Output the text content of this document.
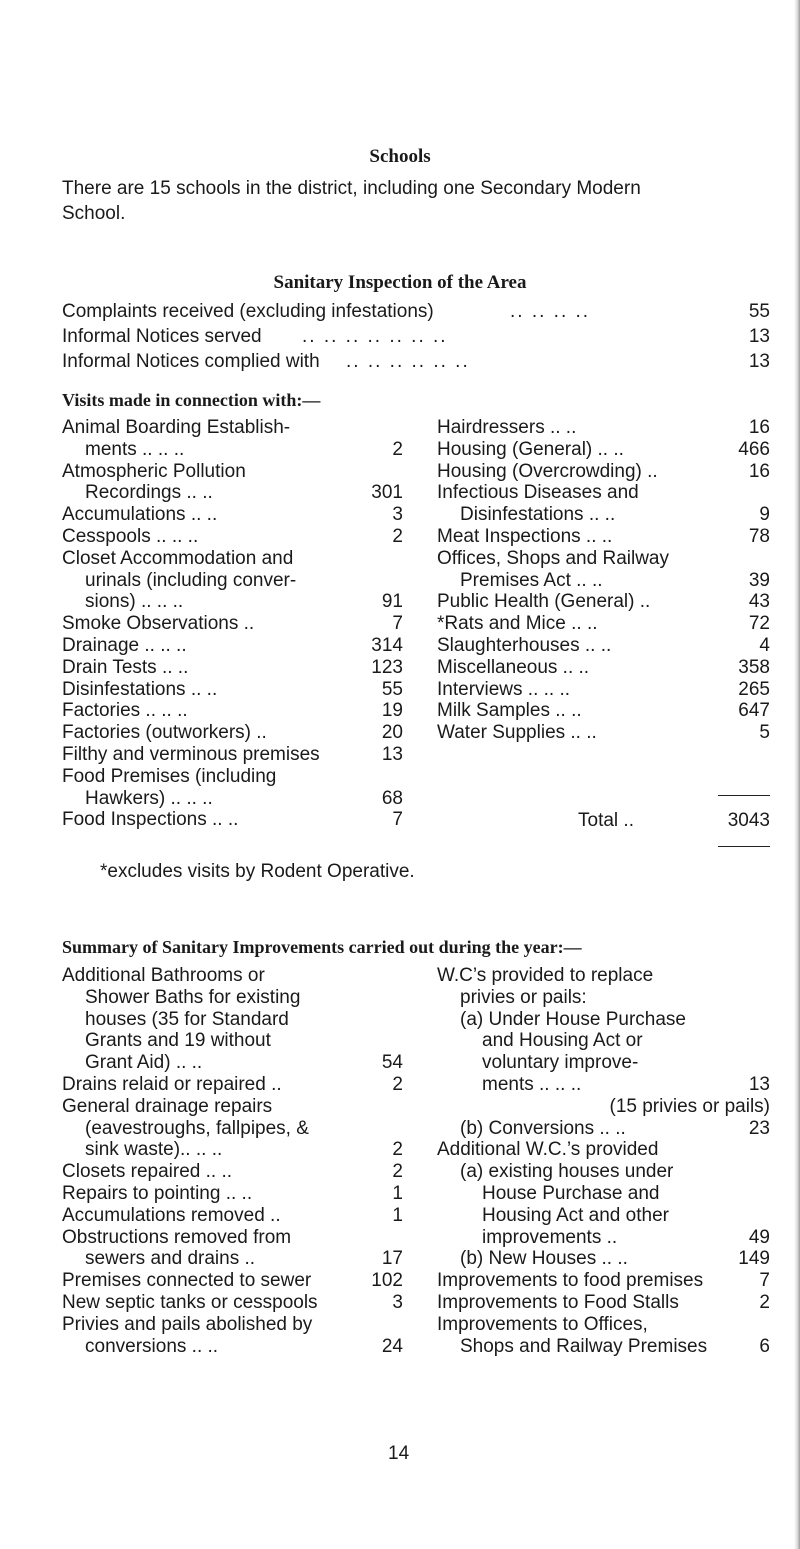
Schools
There are 15 schools in the district, including one Secondary Modern
School.
Sanitary Inspection of the Area
Complaints received (excluding infestations)	.. .. .. ..	55
Informal Notices served .. .. .. .. .. .. ..	13
Informal Notices complied with .. .. .. .. .. ..	13
Visits made in connection with:—
Animal Boarding Establish-
ments .. .. ..	2
Atmospheric Pollution
Recordings .. ..	301
Accumulations .. ..	3
Cesspools .. .. ..	2
Closet Accommodation and
urinals (including conver-
sions) .. .. ..	91
Smoke Observations ..	7
Drainage .. .. ..	314
Drain Tests .. ..	123
Disinfestations .. ..	55
Factories .. .. ..	19
Factories (outworkers) ..	20
Filthy and verminous premises	13
Food Premises (including
Hawkers) .. .. ..	68
Food Inspections .. ..	7
Hairdressers .. ..	16
Housing (General) .. ..	466
Housing (Overcrowding) ..	16
Infectious Diseases and
Disinfestations .. ..	9
Meat Inspections .. ..	78
Offices, Shops and Railway
Premises Act .. ..	39
Public Health (General) ..	43
*Rats and Mice .. ..	72
Slaughterhouses .. ..	4
Miscellaneous .. ..	358
Interviews .. .. ..	265
Milk Samples .. ..	647
Water Supplies .. ..	5
Total ..	3043
*excludes visits by Rodent Operative.
Summary of Sanitary Improvements carried out during the year:—
Additional Bathrooms or
Shower Baths for existing
houses (35 for Standard
Grants and 19 without
Grant Aid) .. ..	54
Drains relaid or repaired ..	2
General drainage repairs
(eavestroughs, fallpipes, &
sink waste).. .. ..	2
Closets repaired .. ..	2
Repairs to pointing .. ..	1
Accumulations removed ..	1
Obstructions removed from
sewers and drains ..	17
Premises connected to sewer	102
New septic tanks or cesspools	3
Privies and pails abolished by
conversions .. ..	24
W.C’s provided to replace
privies or pails:
(a) Under House Purchase
and Housing Act or
voluntary improve-
ments .. .. ..	13
(15 privies or pails)
(b) Conversions .. ..	23
Additional W.C.’s provided
(a) existing houses under
House Purchase and
Housing Act and other
improvements ..	49
(b) New Houses .. ..	149
Improvements to food premises	7
Improvements to Food Stalls	2
Improvements to Offices,
Shops and Railway Premises	6
14
